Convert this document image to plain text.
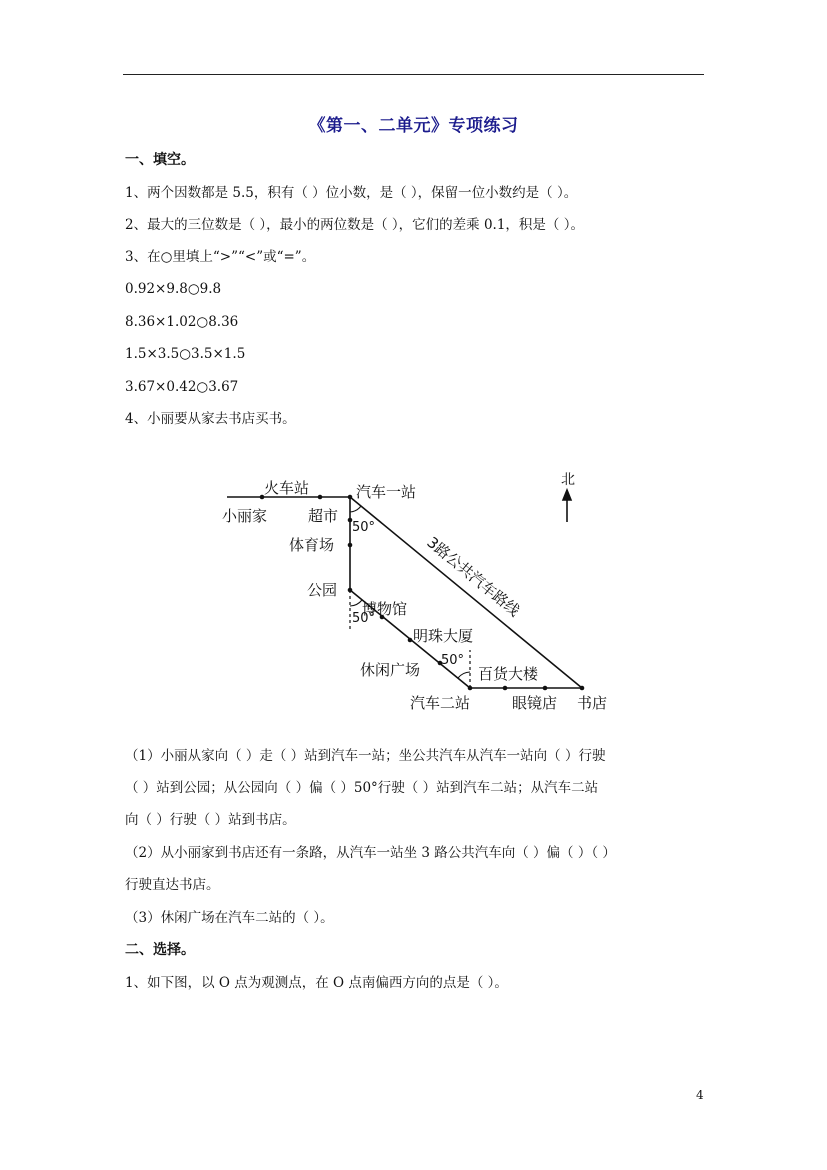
《第一、二单元》专项练习
一、填空。
1、两个因数都是 5.5，积有（ ）位小数，是（ ），保留一位小数约是（ ）。
2、最大的三位数是（ ），最小的两位数是（ ），它们的差乘 0.1，积是（ ）。
3、在○里填上“>”“<”或“=”。
0.92×9.8○9.8
8.36×1.02○8.36
1.5×3.5○3.5×1.5
3.67×0.42○3.67
4、小丽要从家去书店买书。
火车站	汽车一站
小丽家	超市
50°
体育场
公园
博物馆
50°
明珠大厦
50°
休闲广场	百货大楼
汽车二站	眼镜店 书店
北
3路公共汽车路线
（1）小丽从家向（ ）走（ ）站到汽车一站；坐公共汽车从汽车一站向（ ）行驶
（ ）站到公园；从公园向（ ）偏（ ）50°行驶（ ）站到汽车二站；从汽车二站
向（ ）行驶（ ）站到书店。
（2）从小丽家到书店还有一条路，从汽车一站坐 3 路公共汽车向（ ）偏（ ）（ ）
行驶直达书店。
（3）休闲广场在汽车二站的（ ）。
二、选择。
1、如下图，以 O 点为观测点，在 O 点南偏西方向的点是（ ）。
4
